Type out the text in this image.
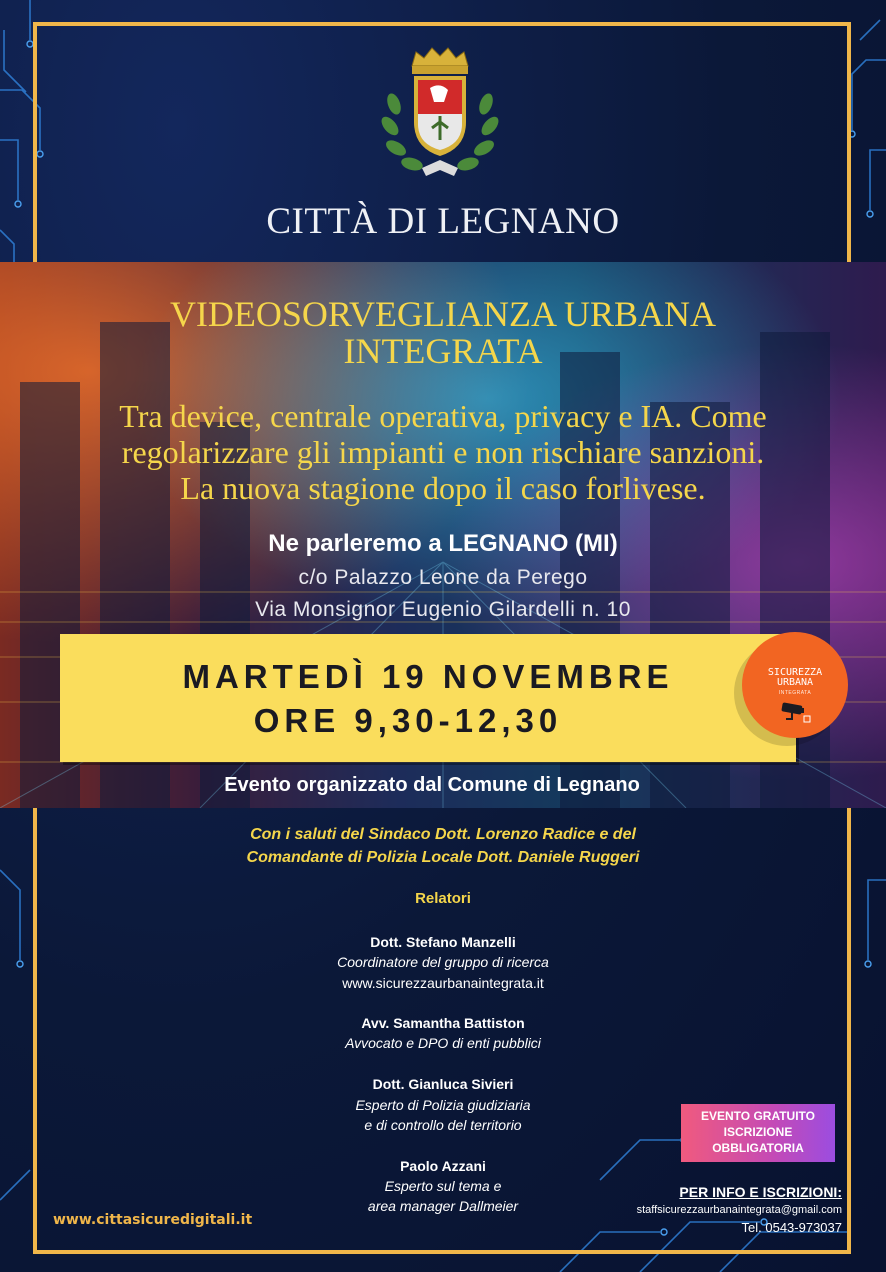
CITTÀ DI LEGNANO
VIDEOSORVEGLIANZA URBANA
INTEGRATA
Tra device, centrale operativa, privacy e IA. Come
regolarizzare gli impianti e non rischiare sanzioni.
La nuova stagione dopo il caso forlivese.
Ne parleremo a LEGNANO (MI)
c/o Palazzo Leone da Perego
Via Monsignor Eugenio Gilardelli n. 10
MARTEDÌ 19 NOVEMBRE
ORE 9,30-12,30
SICUREZZA
URBANA
INTEGRATA
Evento organizzato dal Comune di Legnano
Con i saluti del Sindaco Dott. Lorenzo Radice e del
Comandante di Polizia Locale Dott. Daniele Ruggeri
Relatori
Dott. Stefano Manzelli
Coordinatore del gruppo di ricerca
www.sicurezzaurbanaintegrata.it
Avv. Samantha Battiston
Avvocato e DPO di enti pubblici
Dott. Gianluca Sivieri
Esperto di Polizia giudiziaria
e di controllo del territorio
Paolo Azzani
Esperto sul tema e
area manager Dallmeier
EVENTO GRATUITO
ISCRIZIONE
OBBLIGATORIA
PER INFO E ISCRIZIONI:
staffsicurezzaurbanaintegrata@gmail.com
Tel. 0543-973037
www.cittasicuredigitali.it
